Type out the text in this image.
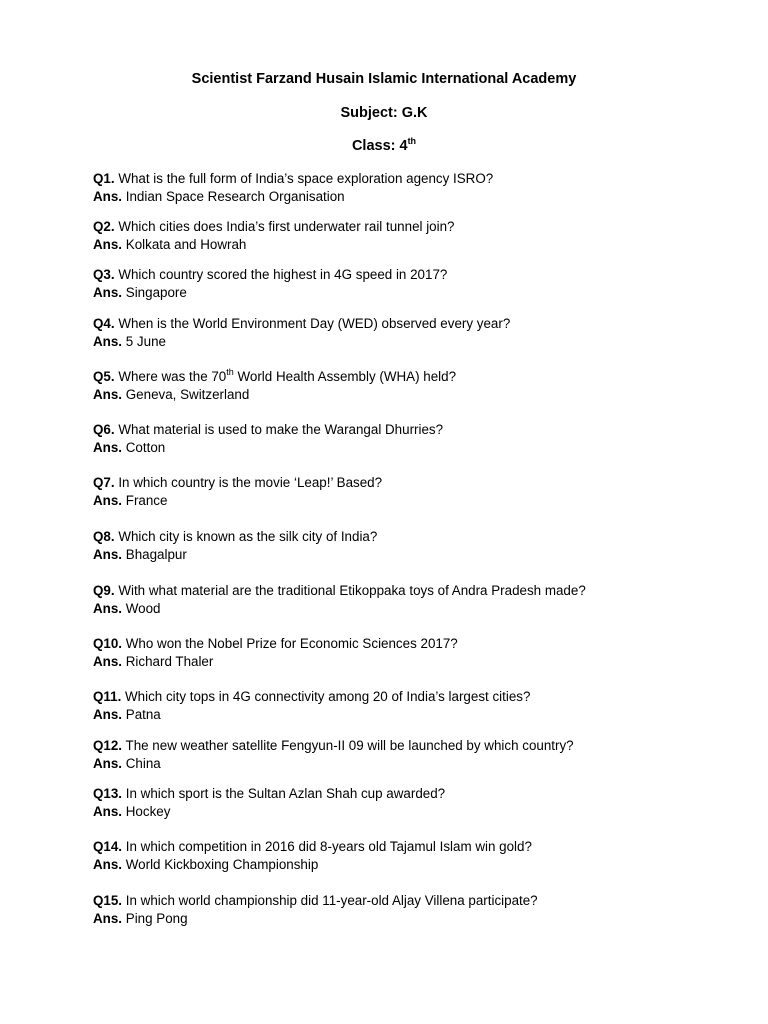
Scientist Farzand Husain Islamic International Academy
Subject: G.K
Class: 4th
Q1. What is the full form of India’s space exploration agency ISRO?
Ans. Indian Space Research Organisation
Q2. Which cities does India’s first underwater rail tunnel join?
Ans. Kolkata and Howrah
Q3. Which country scored the highest in 4G speed in 2017?
Ans. Singapore
Q4. When is the World Environment Day (WED) observed every year?
Ans. 5 June
Q5. Where was the 70th World Health Assembly (WHA) held?
Ans. Geneva, Switzerland
Q6. What material is used to make the Warangal Dhurries?
Ans. Cotton
Q7. In which country is the movie ‘Leap!’ Based?
Ans. France
Q8. Which city is known as the silk city of India?
Ans. Bhagalpur
Q9. With what material are the traditional Etikoppaka toys of Andra Pradesh made?
Ans. Wood
Q10. Who won the Nobel Prize for Economic Sciences 2017?
Ans. Richard Thaler
Q11. Which city tops in 4G connectivity among 20 of India’s largest cities?
Ans. Patna
Q12. The new weather satellite Fengyun-II 09 will be launched by which country?
Ans. China
Q13. In which sport is the Sultan Azlan Shah cup awarded?
Ans. Hockey
Q14. In which competition in 2016 did 8-years old Tajamul Islam win gold?
Ans. World Kickboxing Championship
Q15. In which world championship did 11-year-old Aljay Villena participate?
Ans. Ping Pong
